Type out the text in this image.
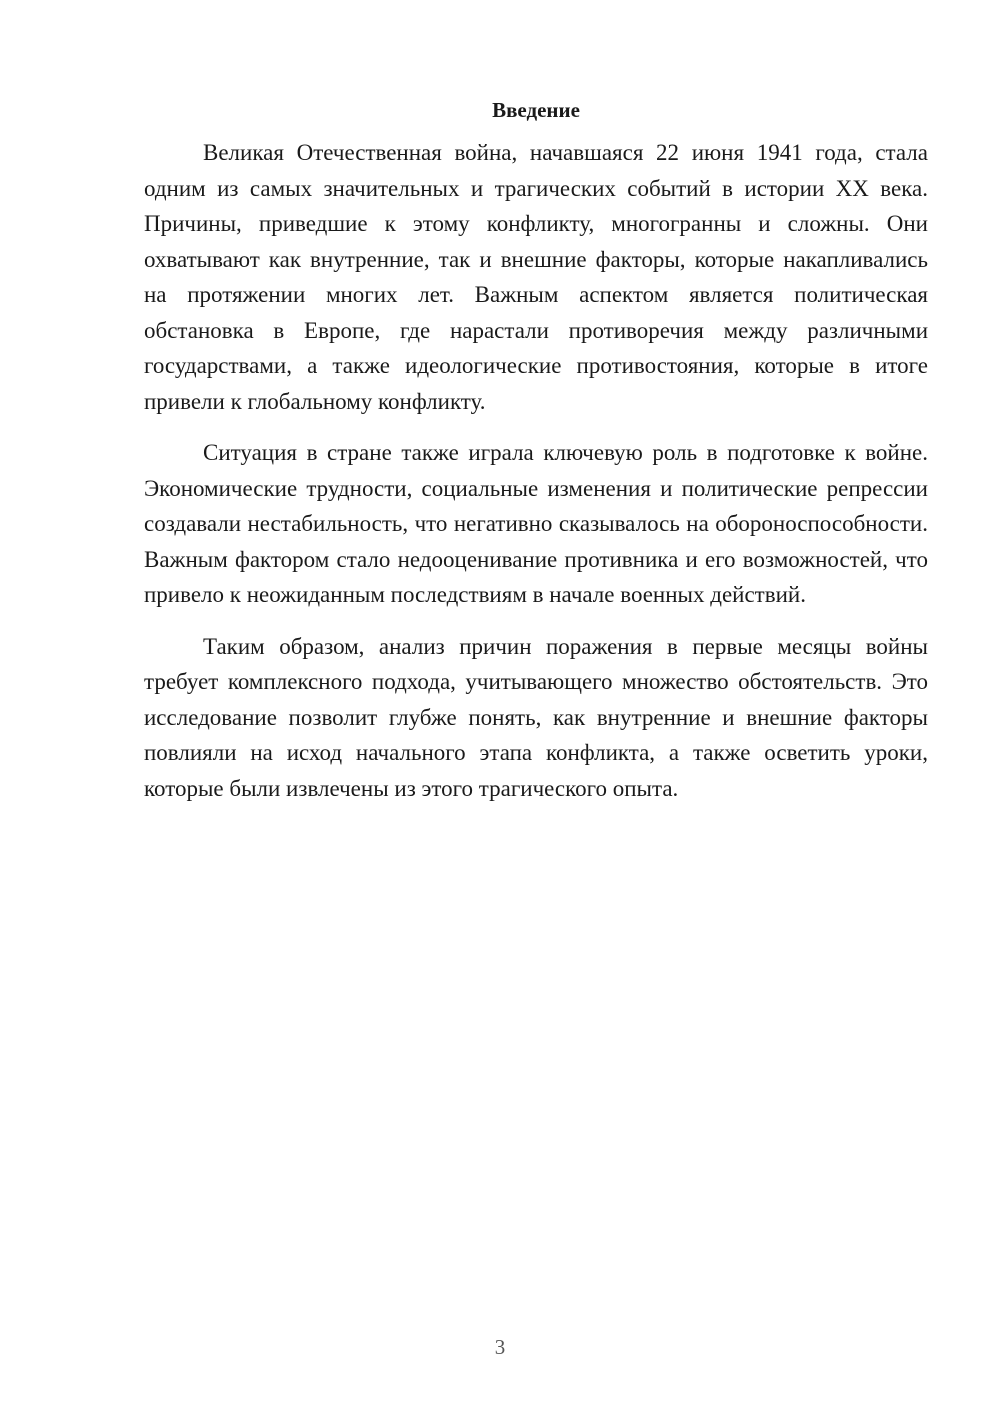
Введение

Великая Отечественная война, начавшаяся 22 июня 1941 года, стала одним из самых значительных и трагических событий в истории XX века. Причины, приведшие к этому конфликту, многогранны и сложны. Они охватывают как внутренние, так и внешние факторы, которые накапливались на протяжении многих лет. Важным аспектом является политическая обстановка в Европе, где нарастали противоречия между различными государствами, а также идеологические противостояния, которые в итоге привели к глобальному конфликту.

Ситуация в стране также играла ключевую роль в подготовке к войне. Экономические трудности, социальные изменения и политические репрессии создавали нестабильность, что негативно сказывалось на обороноспособности. Важным фактором стало недооценивание противника и его возможностей, что привело к неожиданным последствиям в начале военных действий.

Таким образом, анализ причин поражения в первые месяцы войны требует комплексного подхода, учитывающего множество обстоятельств. Это исследование позволит глубже понять, как внутренние и внешние факторы повлияли на исход начального этапа конфликта, а также осветить уроки, которые были извлечены из этого трагического опыта.

3
